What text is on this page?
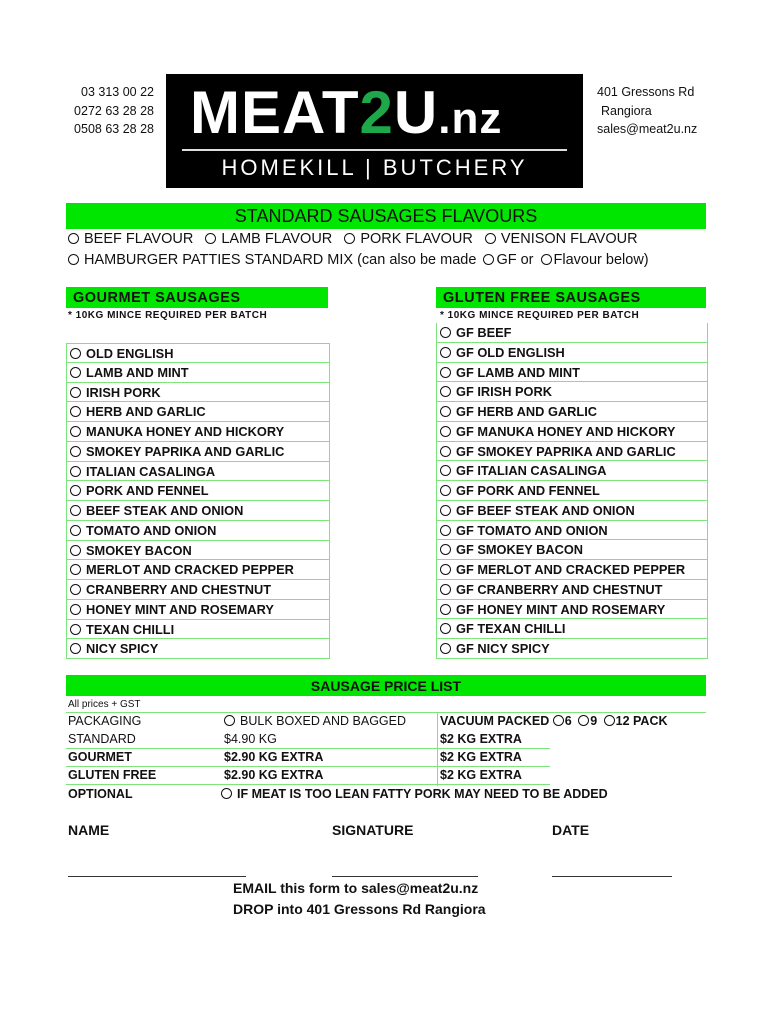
03 313 00 22
0272 63 28 28
0508 63 28 28
401 Gressons Rd
Rangiora
sales@meat2u.nz
MEAT2U.nz
HOMEKILL | BUTCHERY
STANDARD SAUSAGES FLAVOURS
BEEF FLAVOUR LAMB FLAVOUR PORK FLAVOUR VENISON FLAVOUR
HAMBURGER PATTIES STANDARD MIX (can also be made GF or Flavour below)
GOURMET SAUSAGES
* 10KG MINCE REQUIRED PER BATCH
OLD ENGLISH
LAMB AND MINT
IRISH PORK
HERB AND GARLIC
MANUKA HONEY AND HICKORY
SMOKEY PAPRIKA AND GARLIC
ITALIAN CASALINGA
PORK AND FENNEL
BEEF STEAK AND ONION
TOMATO AND ONION
SMOKEY BACON
MERLOT AND CRACKED PEPPER
CRANBERRY AND CHESTNUT
HONEY MINT AND ROSEMARY
TEXAN CHILLI
NICY SPICY
GLUTEN FREE SAUSAGES
* 10KG MINCE REQUIRED PER BATCH
GF BEEF
GF OLD ENGLISH
GF LAMB AND MINT
GF IRISH PORK
GF HERB AND GARLIC
GF MANUKA HONEY AND HICKORY
GF SMOKEY PAPRIKA AND GARLIC
GF ITALIAN CASALINGA
GF PORK AND FENNEL
GF BEEF STEAK AND ONION
GF TOMATO AND ONION
GF SMOKEY BACON
GF MERLOT AND CRACKED PEPPER
GF CRANBERRY AND CHESTNUT
GF HONEY MINT AND ROSEMARY
GF TEXAN CHILLI
GF NICY SPICY
SAUSAGE PRICE LIST
All prices + GST
PACKAGING	BULK BOXED AND BAGGED	VACUUM PACKED 6 9 12 PACK
STANDARD	$4.90 KG	$2 KG EXTRA
GOURMET	$2.90 KG EXTRA	$2 KG EXTRA
GLUTEN FREE	$2.90 KG EXTRA	$2 KG EXTRA
OPTIONAL	IF MEAT IS TOO LEAN FATTY PORK MAY NEED TO BE ADDED
NAME	SIGNATURE	DATE
EMAIL this form to sales@meat2u.nz
DROP into 401 Gressons Rd Rangiora
